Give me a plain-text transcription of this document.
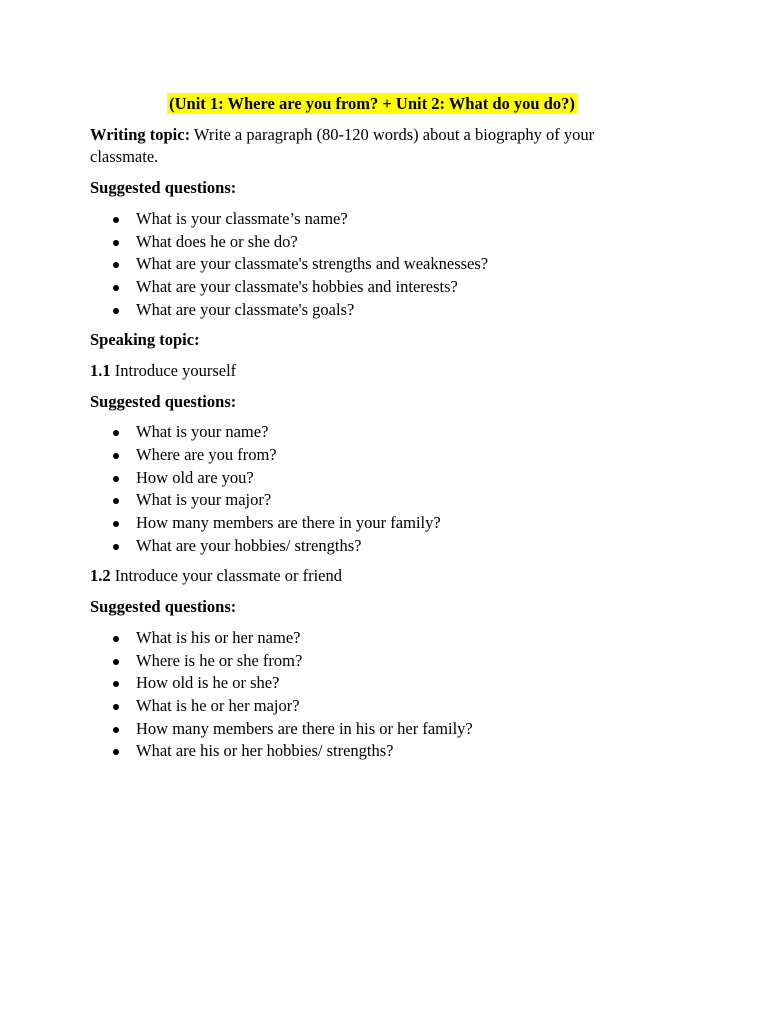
(Unit 1: Where are you from? + Unit 2: What do you do?)

Writing topic: Write a paragraph (80-120 words) about a biography of your classmate.

Suggested questions:

What is your classmate’s name?
What does he or she do?
What are your classmate's strengths and weaknesses?
What are your classmate's hobbies and interests?
What are your classmate's goals?

Speaking topic:

1.1 Introduce yourself

Suggested questions:

What is your name?
Where are you from?
How old are you?
What is your major?
How many members are there in your family?
What are your hobbies/ strengths?

1.2 Introduce your classmate or friend

Suggested questions:

What is his or her name?
Where is he or she from?
How old is he or she?
What is he or her major?
How many members are there in his or her family?
What are his or her hobbies/ strengths?
